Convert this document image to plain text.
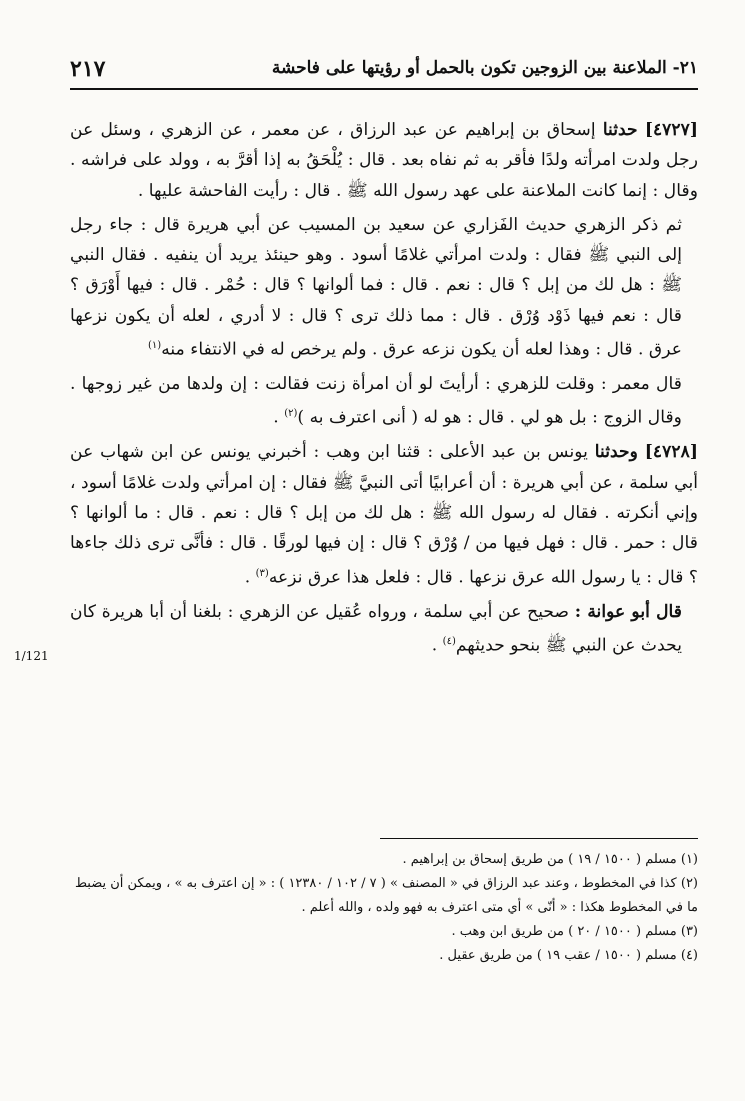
٢١٧	٢١- الملاعنة بين الزوجين تكون بالحمل أو رؤيتها على فاحشة
1/121

[٤٧٢٧] حدثنا إسحاق بن إبراهيم عن عبد الرزاق ، عن معمر ، عن الزهري ، وسئل عن رجل ولدت امرأته ولدًا فأقر به ثم نفاه بعد . قال : يُلْحَقُ به إذا أقرَّ به ، وولد على فراشه . وقال : إنما كانت الملاعنة على عهد رسول الله ﷺ . قال : رأيت الفاحشة عليها .

ثم ذكر الزهري حديث الفَزاري عن سعيد بن المسيب عن أبي هريرة قال : جاء رجل إلى النبي ﷺ فقال : ولدت امرأتي غلامًا أسود . وهو حينئذ يريد أن ينفيه . فقال النبي ﷺ : هل لك من إبل ؟ قال : نعم . قال : فما ألوانها ؟ قال : حُمْر . قال : فيها أَوْرَق ؟ قال : نعم فيها ذَوْد وُرْق . قال : مما ذلك ترى ؟ قال : لا أدري ، لعله أن يكون نزعها عرق . قال : وهذا لعله أن يكون نزعه عرق . ولم يرخص له في الانتفاء منه$^{(١)}$

قال معمر : وقلت للزهري : أرأيتَ لو أن امرأة زنت فقالت : إن ولدها من غير زوجها . وقال الزوج : بل هو لي . قال : هو له ( أنى اعترف به )$^{(٢)}$ .

[٤٧٢٨] وحدثنا يونس بن عبد الأعلى : قثنا ابن وهب : أخبرني يونس عن ابن شهاب عن أبي سلمة ، عن أبي هريرة : أن أعرابيًا أتى النبيَّ ﷺ فقال : إن امرأتي ولدت غلامًا أسود ، وإني أنكرته . فقال له رسول الله ﷺ : هل لك من إبل ؟ قال : نعم . قال : ما ألوانها ؟ قال : حمر . قال : فهل فيها من / وُرْق ؟ قال : إن فيها لورقًا . قال : فأنَّى ترى ذلك جاءها ؟ قال : يا رسول الله عرق نزعها . قال : فلعل هذا عرق نزعه$^{(٣)}$ .

قال أبو عوانة : صحيح عن أبي سلمة ، ورواه عُقيل عن الزهري : بلغنا أن أبا هريرة كان يحدث عن النبي ﷺ بنحو حديثهم$^{(٤)}$ .

(١) مسلم ( ١٥٠٠ / ١٩ ) من طريق إسحاق بن إبراهيم .

(٢) كذا في المخطوط ، وعند عبد الرزاق في « المصنف » ( ٧ / ١٠٢ / ١٢٣٨٠ ) : « إن اعترف به » ، ويمكن أن يضبط ما في المخطوط هكذا : « أنّى » أي متى اعترف به فهو ولده ، والله أعلم .

(٣) مسلم ( ١٥٠٠ / ٢٠ ) من طريق ابن وهب .

(٤) مسلم ( ١٥٠٠ / عقب ١٩ ) من طريق عقيل .
